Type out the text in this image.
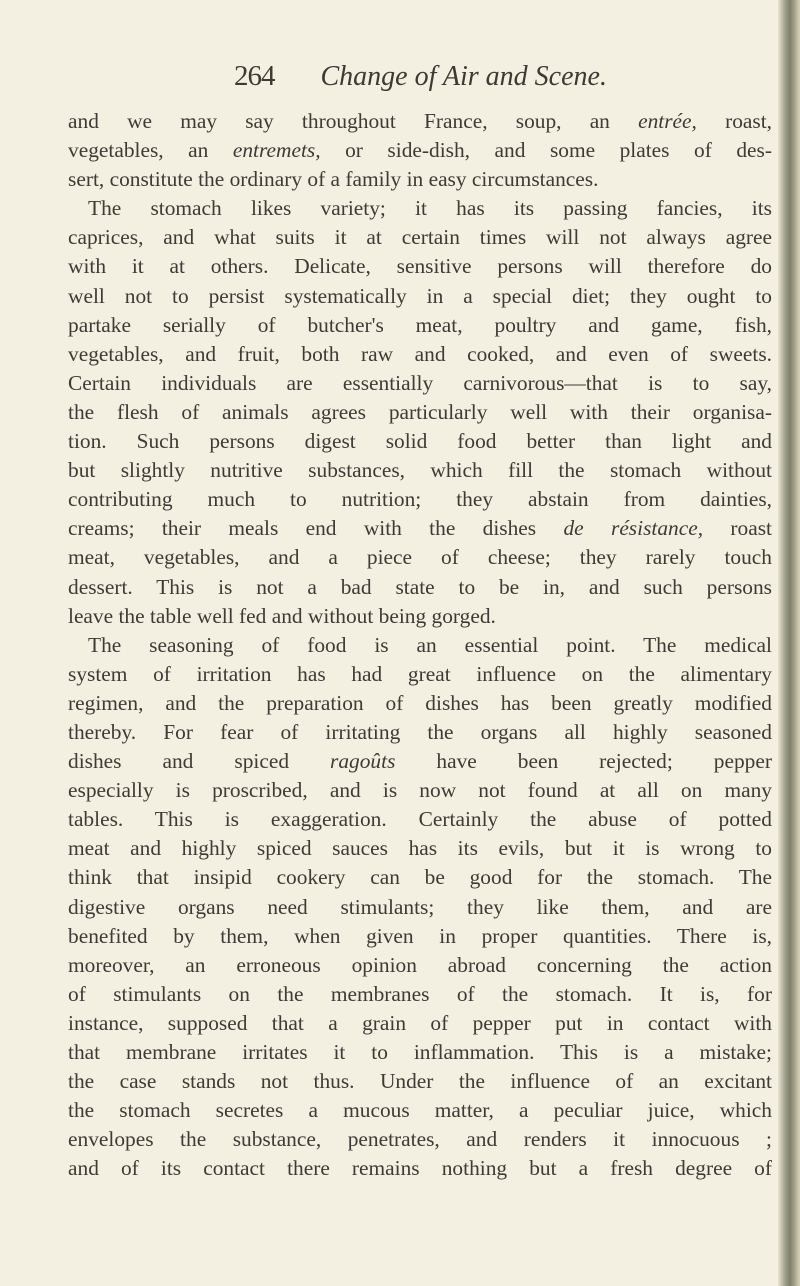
264 Change of Air and Scene.
and we may say throughout France, soup, an entrée, roast,
vegetables, an entremets, or side-dish, and some plates of des-
sert, constitute the ordinary of a family in easy circumstances.
The stomach likes variety; it has its passing fancies, its
caprices, and what suits it at certain times will not always agree
with it at others. Delicate, sensitive persons will therefore do
well not to persist systematically in a special diet; they ought to
partake serially of butcher's meat, poultry and game, fish,
vegetables, and fruit, both raw and cooked, and even of sweets.
Certain individuals are essentially carnivorous—that is to say,
the flesh of animals agrees particularly well with their organisa-
tion. Such persons digest solid food better than light and
but slightly nutritive substances, which fill the stomach without
contributing much to nutrition; they abstain from dainties,
creams; their meals end with the dishes de résistance, roast
meat, vegetables, and a piece of cheese; they rarely touch
dessert. This is not a bad state to be in, and such persons
leave the table well fed and without being gorged.
The seasoning of food is an essential point. The medical
system of irritation has had great influence on the alimentary
regimen, and the preparation of dishes has been greatly modified
thereby. For fear of irritating the organs all highly seasoned
dishes and spiced ragoûts have been rejected; pepper
especially is proscribed, and is now not found at all on many
tables. This is exaggeration. Certainly the abuse of potted
meat and highly spiced sauces has its evils, but it is wrong to
think that insipid cookery can be good for the stomach. The
digestive organs need stimulants; they like them, and are
benefited by them, when given in proper quantities. There is,
moreover, an erroneous opinion abroad concerning the action
of stimulants on the membranes of the stomach. It is, for
instance, supposed that a grain of pepper put in contact with
that membrane irritates it to inflammation. This is a mistake;
the case stands not thus. Under the influence of an excitant
the stomach secretes a mucous matter, a peculiar juice, which
envelopes the substance, penetrates, and renders it innocuous ;
and of its contact there remains nothing but a fresh degree of
